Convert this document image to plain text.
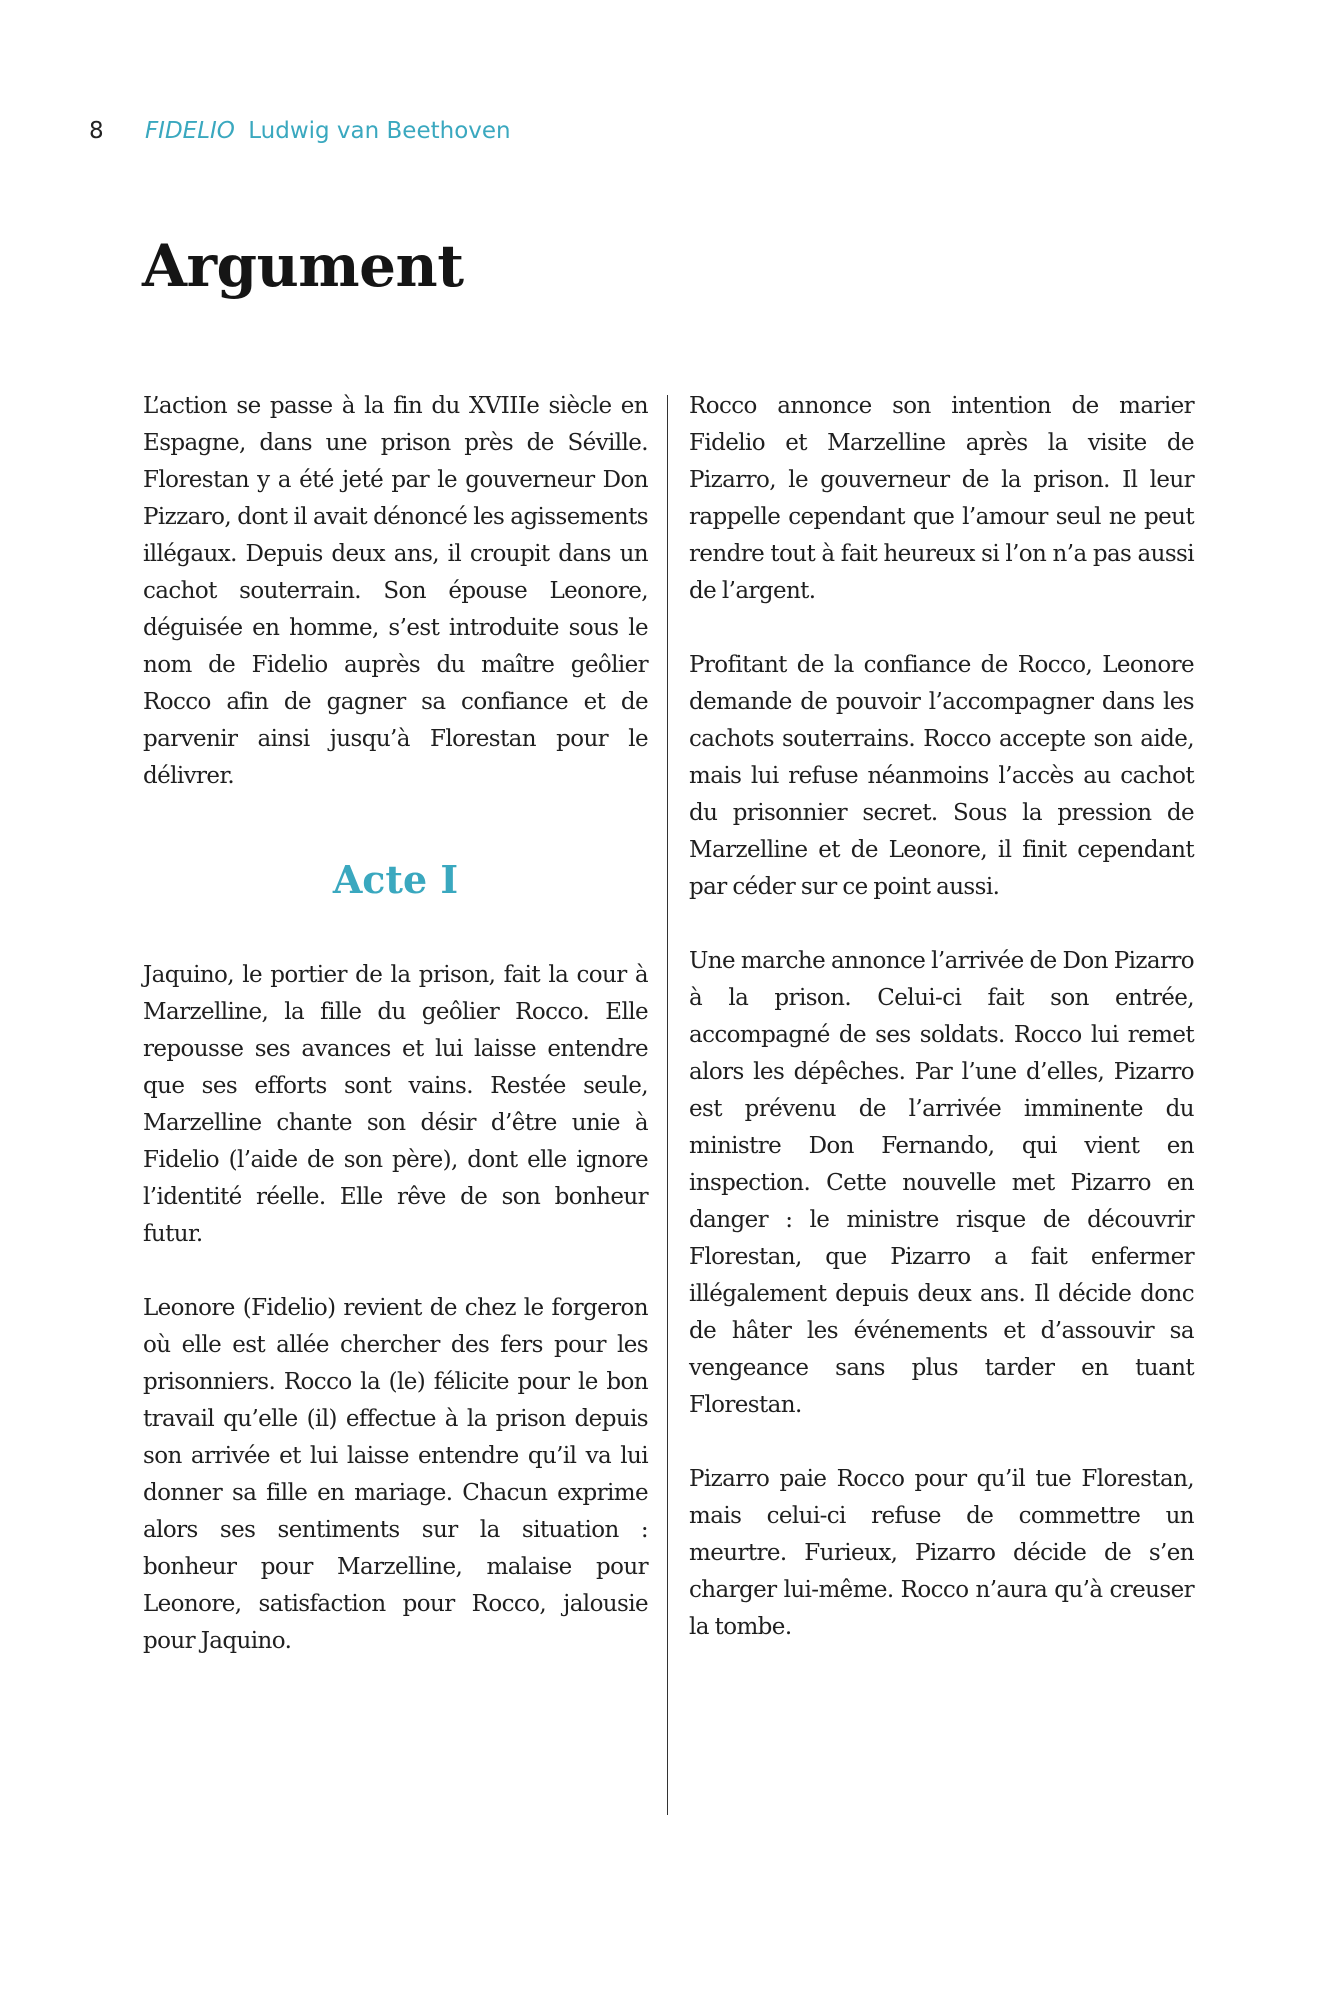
8 FIDELIO Ludwig van Beethoven
Argument

L’action se passe à la fin du XVIIIe siècle en Espagne, dans une prison près de Séville. Florestan y a été jeté par le gouverneur Don Pizzaro, dont il avait dénoncé les agissements illégaux. Depuis deux ans, il croupit dans un cachot souterrain. Son épouse Leonore, déguisée en homme, s’est introduite sous le nom de Fidelio auprès du maître geôlier Rocco afin de gagner sa confiance et de parvenir ainsi jusqu’à Florestan pour le délivrer.

Acte I

Jaquino, le portier de la prison, fait la cour à Marzelline, la fille du geôlier Rocco. Elle repousse ses avances et lui laisse entendre que ses efforts sont vains. Restée seule, Marzelline chante son désir d’être unie à Fidelio (l’aide de son père), dont elle ignore l’identité réelle. Elle rêve de son bonheur futur.

Leonore (Fidelio) revient de chez le forgeron où elle est allée chercher des fers pour les prisonniers. Rocco la (le) félicite pour le bon travail qu’elle (il) effectue à la prison depuis son arrivée et lui laisse entendre qu’il va lui donner sa fille en mariage. Chacun exprime alors ses sentiments sur la situation : bonheur pour Marzelline, malaise pour Leonore, satisfaction pour Rocco, jalousie pour Jaquino.

Rocco annonce son intention de marier Fidelio et Marzelline après la visite de Pizarro, le gouverneur de la prison. Il leur rappelle cependant que l’amour seul ne peut rendre tout à fait heureux si l’on n’a pas aussi de l’argent.

Profitant de la confiance de Rocco, Leonore demande de pouvoir l’accompagner dans les cachots souterrains. Rocco accepte son aide, mais lui refuse néanmoins l’accès au cachot du prisonnier secret. Sous la pression de Marzelline et de Leonore, il finit cependant par céder sur ce point aussi.

Une marche annonce l’arrivée de Don Pizarro à la prison. Celui-ci fait son entrée, accompagné de ses soldats. Rocco lui remet alors les dépêches. Par l’une d’elles, Pizarro est prévenu de l’arrivée imminente du ministre Don Fernando, qui vient en inspection. Cette nouvelle met Pizarro en danger : le ministre risque de découvrir Florestan, que Pizarro a fait enfermer illégalement depuis deux ans. Il décide donc de hâter les événements et d’assouvir sa vengeance sans plus tarder en tuant Florestan.

Pizarro paie Rocco pour qu’il tue Florestan, mais celui-ci refuse de commettre un meurtre. Furieux, Pizarro décide de s’en charger lui-même. Rocco n’aura qu’à creuser la tombe.
